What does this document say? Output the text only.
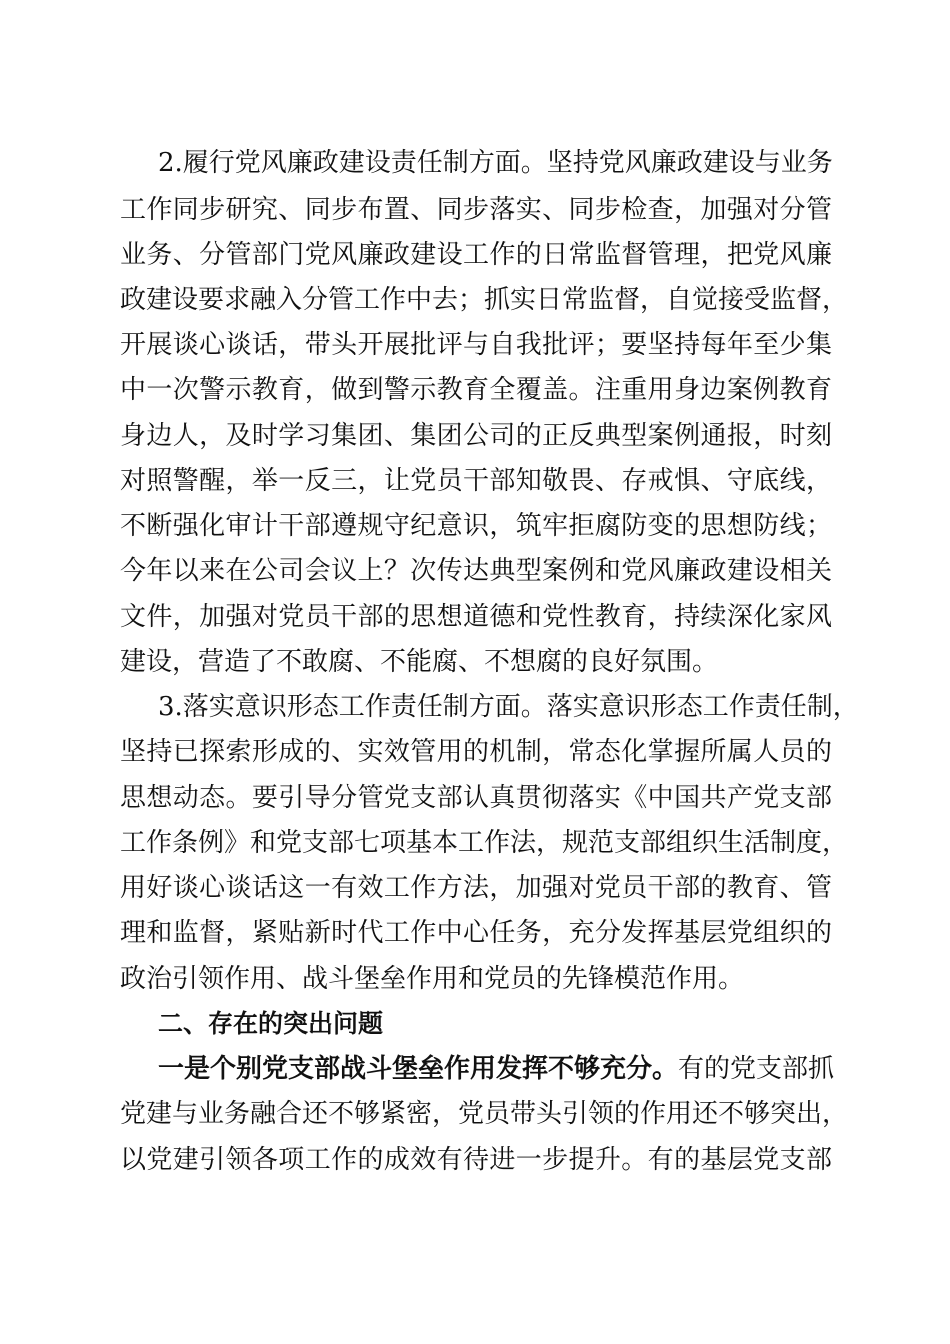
2.履行党风廉政建设责任制方面。坚持党风廉政建设与业务
工作同步研究、同步布置、同步落实、同步检查，加强对分管
业务、分管部门党风廉政建设工作的日常监督管理，把党风廉
政建设要求融入分管工作中去；抓实日常监督，自觉接受监督，
开展谈心谈话，带头开展批评与自我批评；要坚持每年至少集
中一次警示教育，做到警示教育全覆盖。注重用身边案例教育
身边人，及时学习集团、集团公司的正反典型案例通报，时刻
对照警醒，举一反三，让党员干部知敬畏、存戒惧、守底线，
不断强化审计干部遵规守纪意识，筑牢拒腐防变的思想防线；
今年以来在公司会议上？次传达典型案例和党风廉政建设相关
文件，加强对党员干部的思想道德和党性教育，持续深化家风
建设，营造了不敢腐、不能腐、不想腐的良好氛围。
3.落实意识形态工作责任制方面。落实意识形态工作责任制，
坚持已探索形成的、实效管用的机制，常态化掌握所属人员的
思想动态。要引导分管党支部认真贯彻落实《中国共产党支部
工作条例》和党支部七项基本工作法，规范支部组织生活制度，
用好谈心谈话这一有效工作方法，加强对党员干部的教育、管
理和监督，紧贴新时代工作中心任务，充分发挥基层党组织的
政治引领作用、战斗堡垒作用和党员的先锋模范作用。
二、存在的突出问题
一是个别党支部战斗堡垒作用发挥不够充分。有的党支部抓
党建与业务融合还不够紧密，党员带头引领的作用还不够突出，
以党建引领各项工作的成效有待进一步提升。有的基层党支部
